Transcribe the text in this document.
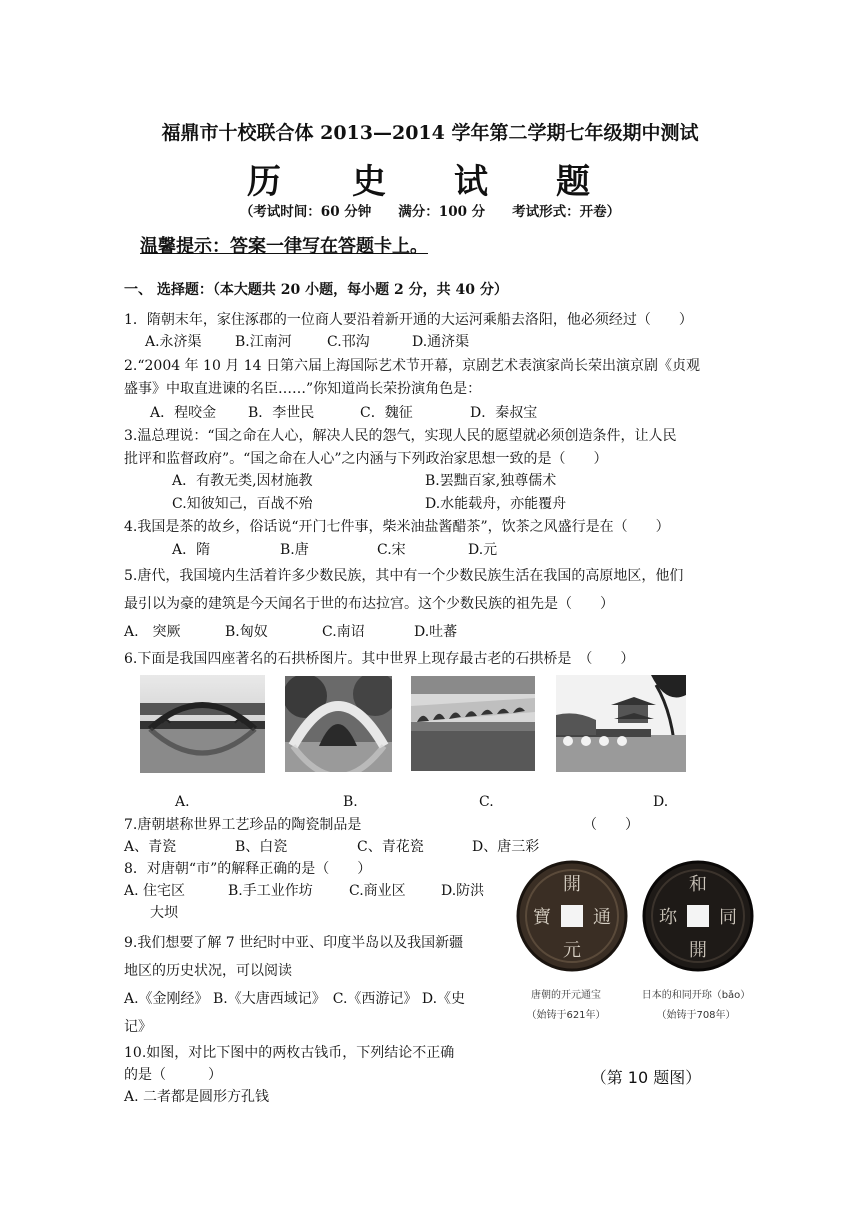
福鼎市十校联合体 2013—2014 学年第二学期七年级期中测试
历 史 试 题
（考试时间：60 分钟　　满分：100 分　　考试形式：开卷）
温馨提示：答案一律写在答题卡上。
一、 选择题：（本大题共 20 小题，每小题 2 分，共 40 分）
1．隋朝末年，家住涿郡的一位商人要沿着新开通的大运河乘船去洛阳，他必须经过（　　）
A.永济渠 B.江南河	C.邗沟	D.通济渠
2.“2004 年 10 月 14 日第六届上海国际艺术节开幕，京剧艺术表演家尚长荣出演京剧《贞观
盛事》中取直进谏的名臣……”你知道尚长荣扮演角色是：
A．程咬金 B．李世民	C．魏征	D．秦叔宝
3.温总理说：“国之命在人心，解决人民的怨气，实现人民的愿望就必须创造条件，让人民
批评和监督政府”。“国之命在人心”之内涵与下列政治家思想一致的是（　　）
A．有教无类,因材施教	B.罢黜百家,独尊儒术
C.知彼知己，百战不殆	D.水能载舟，亦能覆舟
4.我国是茶的故乡，俗话说“开门七件事，柴米油盐酱醋茶”，饮茶之风盛行是在（　　）
A．隋	B.唐	C.宋	D.元
5.唐代，我国境内生活着许多少数民族，其中有一个少数民族生活在我国的高原地区，他们
最引以为豪的建筑是今天闻名于世的布达拉宫。这个少数民族的祖先是（　　）
A.　突厥	B.匈奴	C.南诏	D.吐蕃
6.下面是我国四座著名的石拱桥图片。其中世界上现存最古老的石拱桥是　（　　）
A.	B.	C.	D.
7.唐朝堪称世界工艺珍品的陶瓷制品是	（　　）
A、青瓷	B、白瓷	C、青花瓷	D、唐三彩
8．对唐朝“市”的解释正确的是（　　）
A. 住宅区	B.手工业作坊	C.商业区	D.防洪
大坝
9.我们想要了解 7 世纪时中亚、印度半岛以及我国新疆
地区的历史状况，可以阅读
A.《金刚经》 B.《大唐西域记》　C.《西游记》 D.《史
记》
10.如图，对比下图中的两枚古钱币，下列结论不正确
的是（　　　）
A. 二者都是圆形方孔钱
開
元
通
寶
和
同
開
珎
唐朝的开元通宝
（始铸于621年）
日本的和同开珎（bǎo）
（始铸于708年）
（第 10 题图）
